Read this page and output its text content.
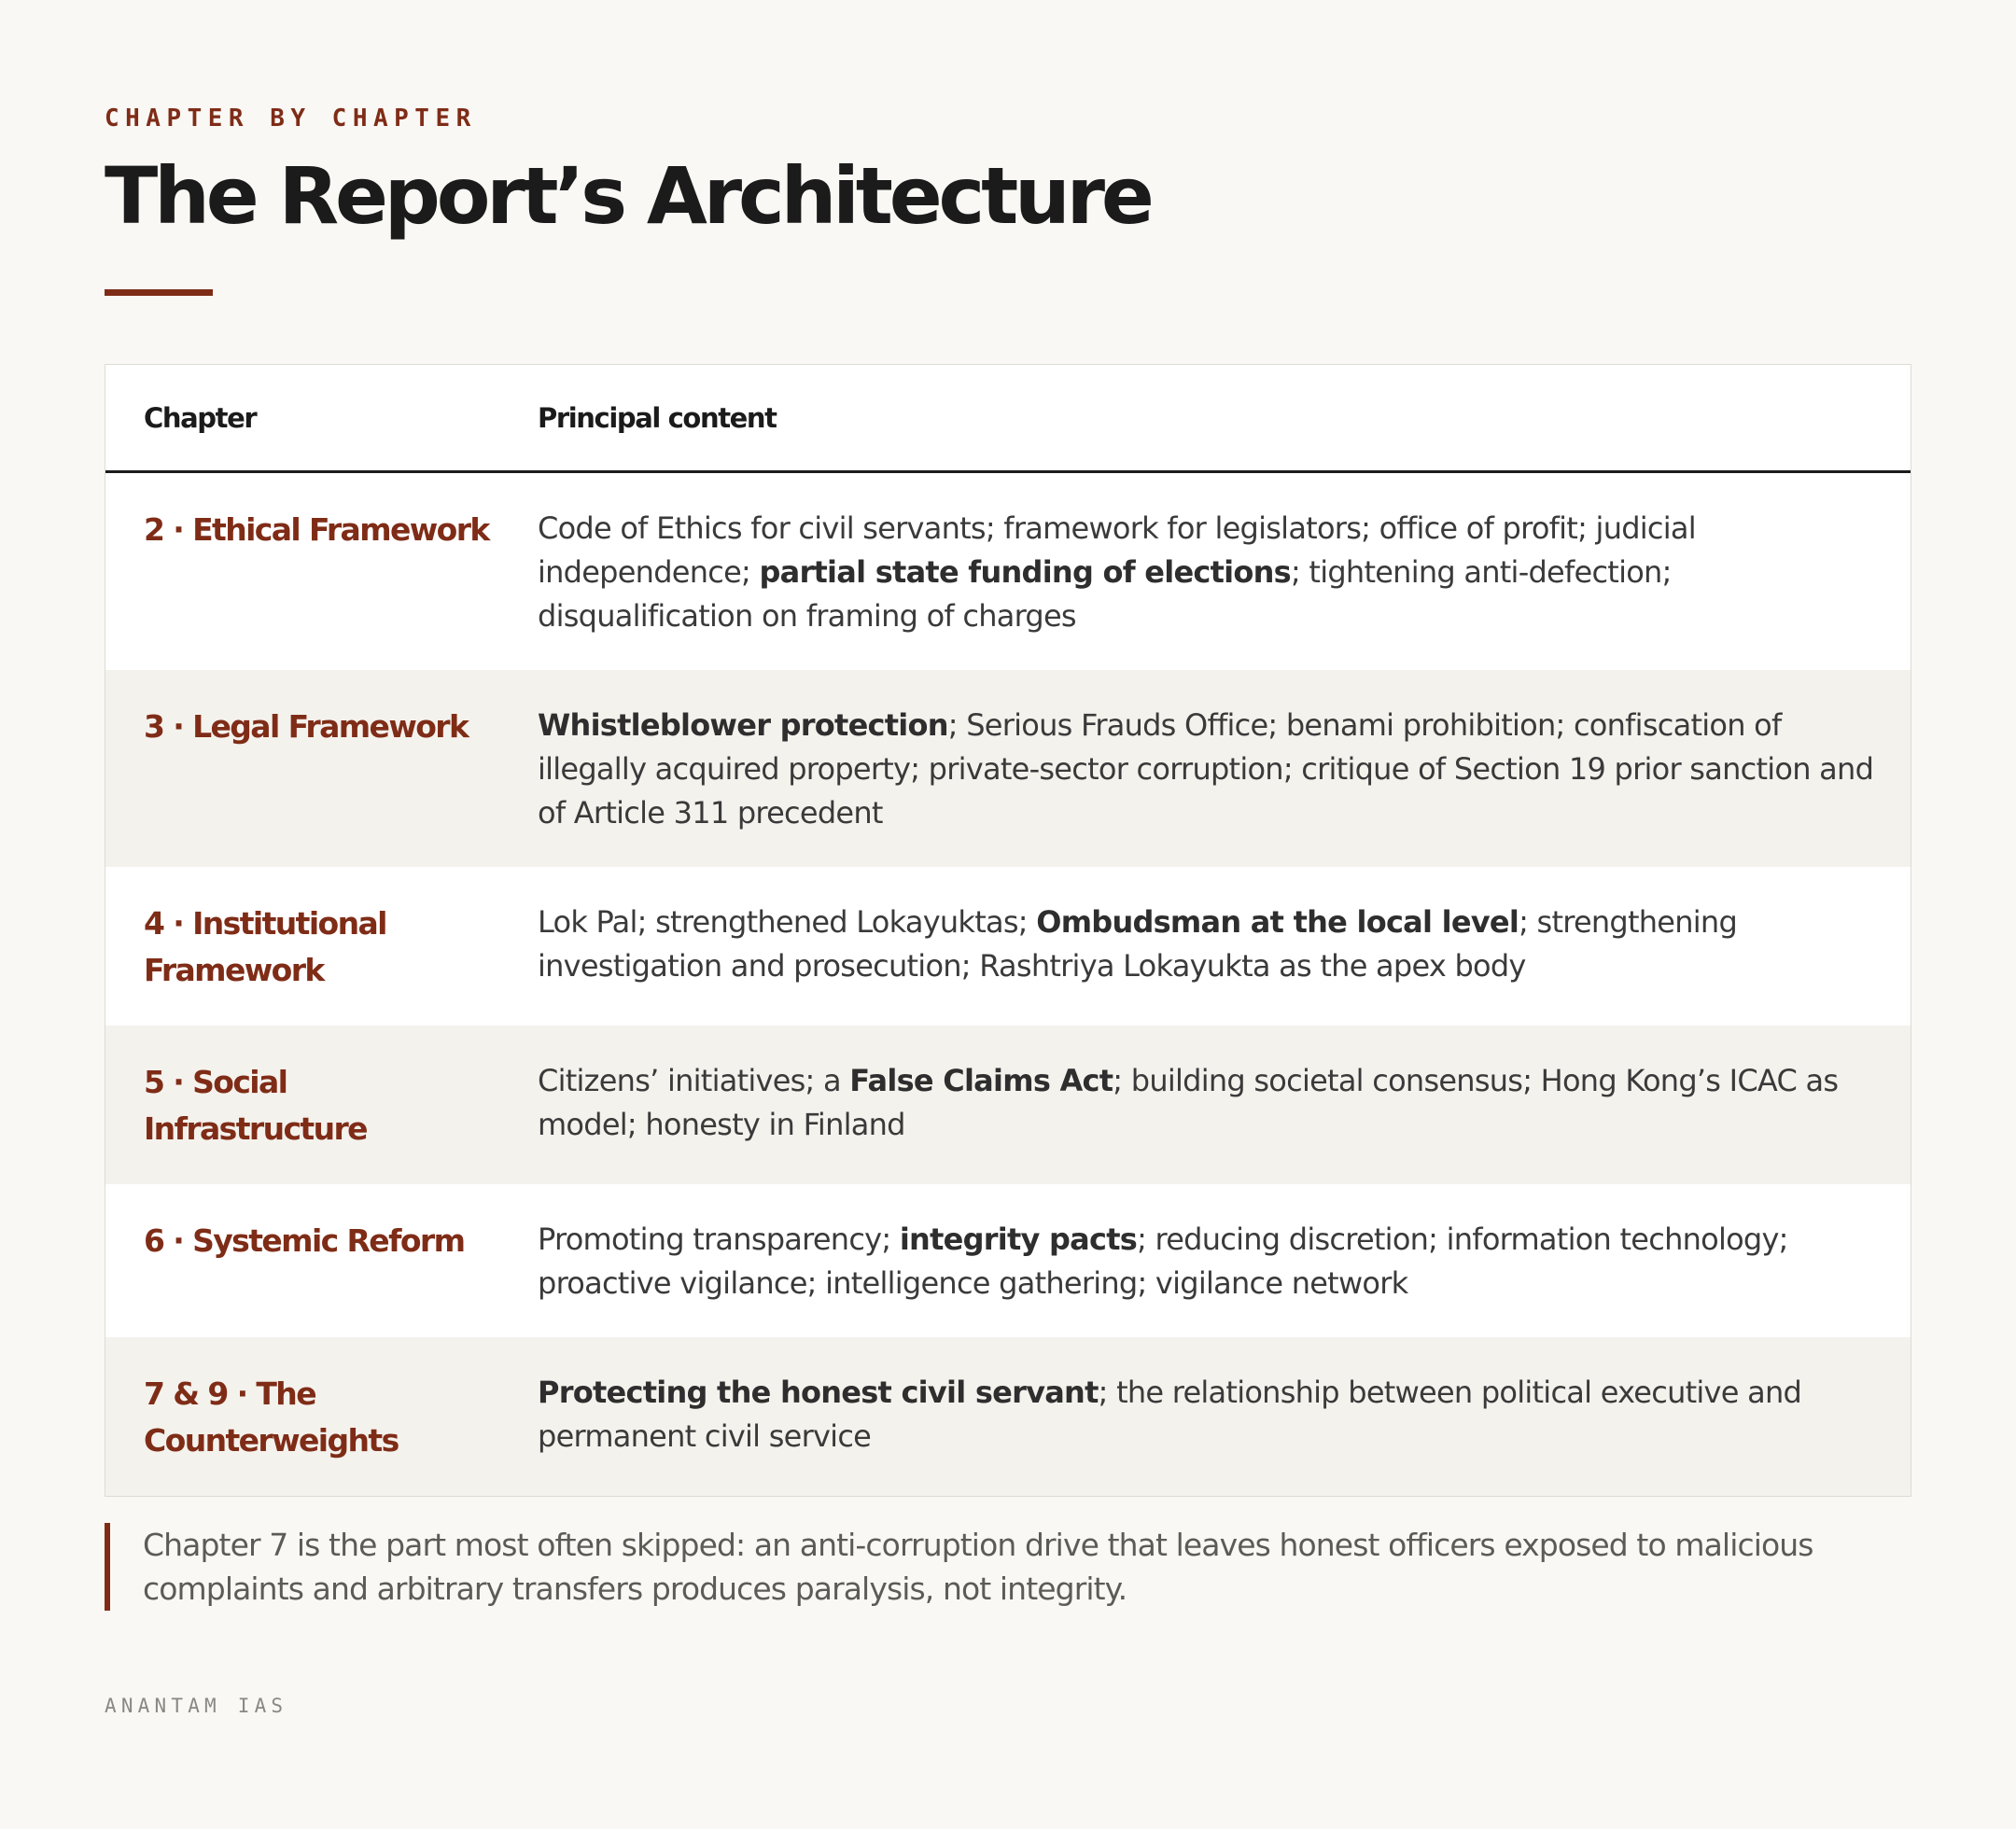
CHAPTER BY CHAPTER
The Report’s Architecture
Chapter	Principal content
2 · Ethical Framework	Code of Ethics for civil servants; framework for legislators; office of profit; judicial independence; partial state funding of elections; tightening anti-defection; disqualification on framing of charges
3 · Legal Framework	Whistleblower protection; Serious Frauds Office; benami prohibition; confiscation of illegally acquired property; private-sector corruption; critique of Section 19 prior sanction and of Article 311 precedent
4 · Institutional Framework	Lok Pal; strengthened Lokayuktas; Ombudsman at the local level; strengthening investigation and prosecution; Rashtriya Lokayukta as the apex body
5 · Social Infrastructure	Citizens’ initiatives; a False Claims Act; building societal consensus; Hong Kong’s ICAC as model; honesty in Finland
6 · Systemic Reform	Promoting transparency; integrity pacts; reducing discretion; information technology; proactive vigilance; intelligence gathering; vigilance network
7 & 9 · The Counterweights	Protecting the honest civil servant; the relationship between political executive and permanent civil service
Chapter 7 is the part most often skipped: an anti-corruption drive that leaves honest officers exposed to malicious complaints and arbitrary transfers produces paralysis, not integrity.
ANANTAM IAS
